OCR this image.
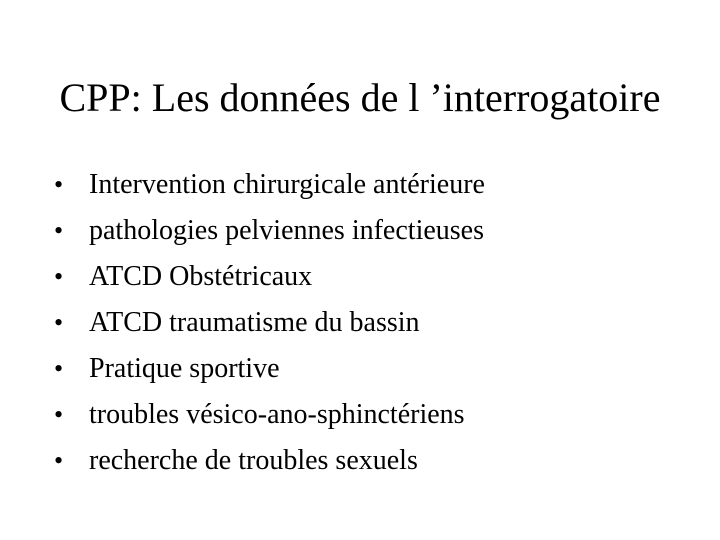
CPP: Les données de l ’interrogatoire
• Intervention chirurgicale antérieure
• pathologies pelviennes infectieuses
• ATCD Obstétricaux
• ATCD traumatisme du bassin
• Pratique sportive
• troubles vésico-ano-sphinctériens
• recherche de troubles sexuels
